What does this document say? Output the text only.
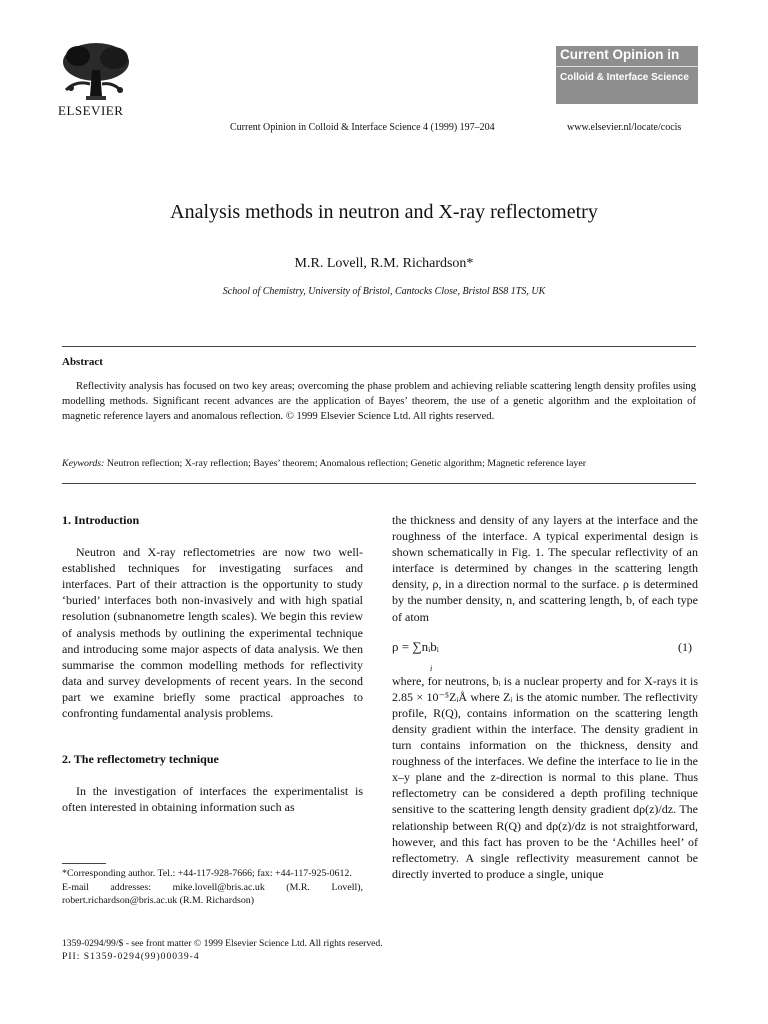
ELSEVIER
Current Opinion in Colloid & Interface Science 4 (1999) 197–204
Current Opinion in
Colloid & Interface Science
www.elsevier.nl/locate/cocis
Analysis methods in neutron and X-ray reflectometry
M.R. Lovell, R.M. Richardson*
School of Chemistry, University of Bristol, Cantocks Close, Bristol BS8 1TS, UK
Abstract

Reflectivity analysis has focused on two key areas; overcoming the phase problem and achieving reliable scattering length density profiles using modelling methods. Significant recent advances are the application of Bayes’ theorem, the use of a genetic algorithm and the exploitation of magnetic reference layers and anomalous reflection. © 1999 Elsevier Science Ltd. All rights reserved.

Keywords: Neutron reflection; X-ray reflection; Bayes’ theorem; Anomalous reflection; Genetic algorithm; Magnetic reference layer

1. Introduction

Neutron and X-ray reflectometries are now two well-established techniques for investigating surfaces and interfaces. Part of their attraction is the opportunity to study ‘buried’ interfaces both non-invasively and with high spatial resolution (subnanometre length scales). We begin this review of analysis methods by outlining the experimental technique and introducing some major aspects of data analysis. We then summarise the common modelling methods for reflectivity data and survey developments of recent years. In the second part we examine briefly some practical approaches to confronting fundamental analysis problems.

2. The reflectometry technique

In the investigation of interfaces the experimentalist is often interested in obtaining information such as

the thickness and density of any layers at the interface and the roughness of the interface. A typical experimental design is shown schematically in Fig. 1. The specular reflectivity of an interface is determined by changes in the scattering length density, ρ, in a direction normal to the surface. ρ is determined by the number density, n, and scattering length, b, of each type of atom

ρ = ∑nᵢbᵢ
i
(1)

where, for neutrons, bᵢ is a nuclear property and for X-rays it is 2.85 × 10⁻⁵ZᵢÅ where Zᵢ is the atomic number. The reflectivity profile, R(Q), contains information on the scattering length density gradient within the interface. The density gradient in turn contains information on the thickness, density and roughness of the interfaces. We define the interface to lie in the x–y plane and the z-direction is normal to this plane. Thus reflectometry can be considered a depth profiling technique sensitive to the scattering length density gradient dρ(z)/dz. The relationship between R(Q) and dρ(z)/dz is not straightforward, however, and this fact has proven to be the ‘Achilles heel’ of reflectometry. A single reflectivity measurement cannot be directly inverted to produce a single, unique

*Corresponding author. Tel.: +44-117-928-7666; fax: +44-117-925-0612.

E-mail addresses: mike.lovell@bris.ac.uk (M.R. Lovell), robert.richardson@bris.ac.uk (R.M. Richardson)

1359-0294/99/$ - see front matter © 1999 Elsevier Science Ltd. All rights reserved.
PII: S1359-0294(99)00039-4
